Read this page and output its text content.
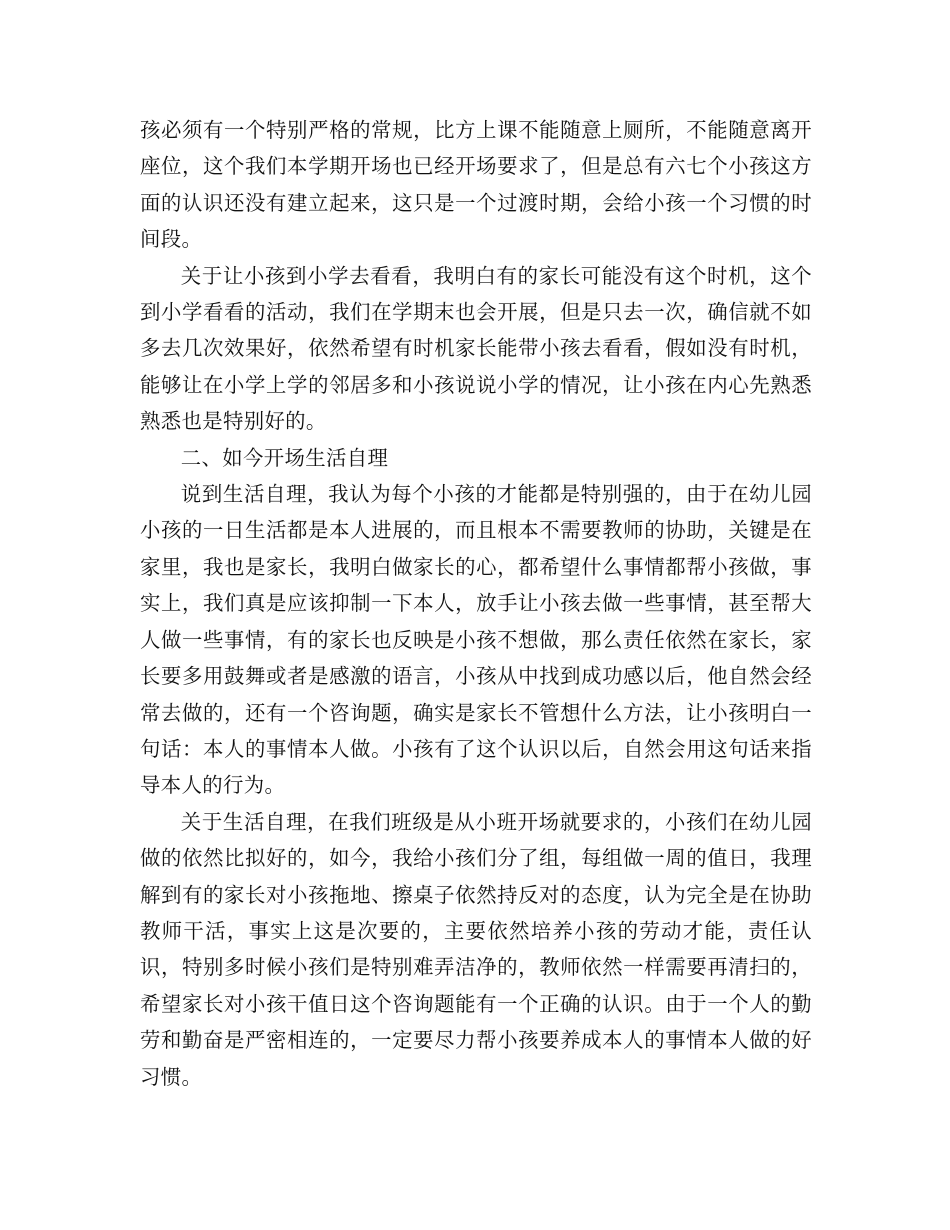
孩必须有一个特别严格的常规，比方上课不能随意上厕所，不能随意离开座位，这个我们本学期开场也已经开场要求了，但是总有六七个小孩这方面的认识还没有建立起来，这只是一个过渡时期，会给小孩一个习惯的时间段。

关于让小孩到小学去看看，我明白有的家长可能没有这个时机，这个到小学看看的活动，我们在学期末也会开展，但是只去一次，确信就不如多去几次效果好，依然希望有时机家长能带小孩去看看，假如没有时机，能够让在小学上学的邻居多和小孩说说小学的情况，让小孩在内心先熟悉熟悉也是特别好的。

二、如今开场生活自理

说到生活自理，我认为每个小孩的才能都是特别强的，由于在幼儿园小孩的一日生活都是本人进展的，而且根本不需要教师的协助，关键是在家里，我也是家长，我明白做家长的心，都希望什么事情都帮小孩做，事实上，我们真是应该抑制一下本人，放手让小孩去做一些事情，甚至帮大人做一些事情，有的家长也反映是小孩不想做，那么责任依然在家长，家长要多用鼓舞或者是感激的语言，小孩从中找到成功感以后，他自然会经常去做的，还有一个咨询题，确实是家长不管想什么方法，让小孩明白一句话：本人的事情本人做。小孩有了这个认识以后，自然会用这句话来指导本人的行为。

关于生活自理，在我们班级是从小班开场就要求的，小孩们在幼儿园做的依然比拟好的，如今，我给小孩们分了组，每组做一周的值日，我理解到有的家长对小孩拖地、擦桌子依然持反对的态度，认为完全是在协助教师干活，事实上这是次要的，主要依然培养小孩的劳动才能，责任认识，特别多时候小孩们是特别难弄洁净的，教师依然一样需要再清扫的，希望家长对小孩干值日这个咨询题能有一个正确的认识。由于一个人的勤劳和勤奋是严密相连的，一定要尽力帮小孩要养成本人的事情本人做的好习惯。
